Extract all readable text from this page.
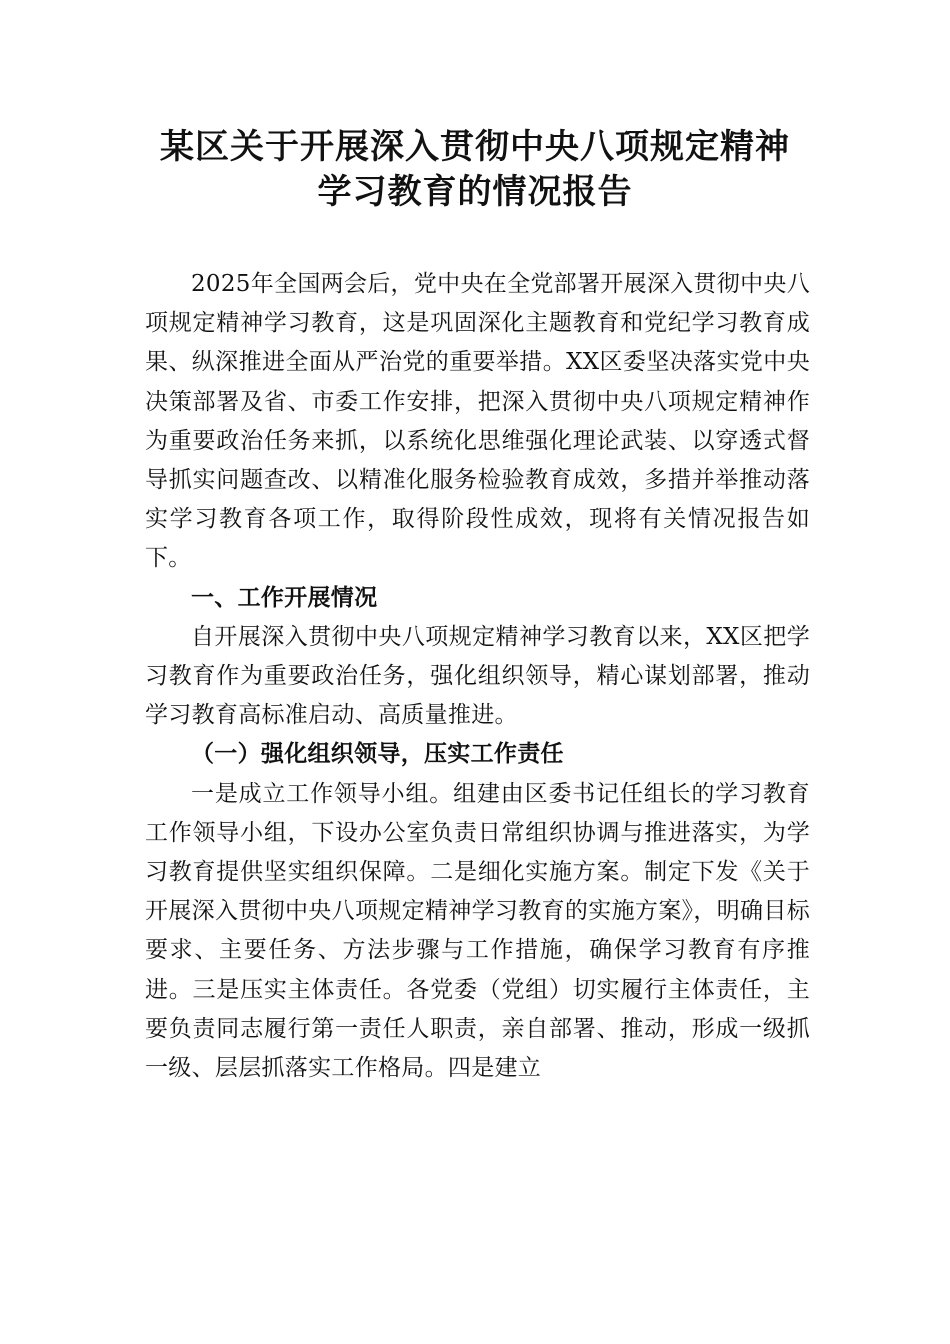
某区关于开展深入贯彻中央八项规定精神
学习教育的情况报告

2025年全国两会后，党中央在全党部署开展深入贯彻中央八项规定精神学习教育，这是巩固深化主题教育和党纪学习教育成果、纵深推进全面从严治党的重要举措。XX区委坚决落实党中央决策部署及省、市委工作安排，把深入贯彻中央八项规定精神作为重要政治任务来抓，以系统化思维强化理论武装、以穿透式督导抓实问题查改、以精准化服务检验教育成效，多措并举推动落实学习教育各项工作，取得阶段性成效，现将有关情况报告如下。

一、工作开展情况

自开展深入贯彻中央八项规定精神学习教育以来，XX区把学习教育作为重要政治任务，强化组织领导，精心谋划部署，推动学习教育高标准启动、高质量推进。

（一）强化组织领导，压实工作责任

一是成立工作领导小组。组建由区委书记任组长的学习教育工作领导小组，下设办公室负责日常组织协调与推进落实，为学习教育提供坚实组织保障。二是细化实施方案。制定下发《关于开展深入贯彻中央八项规定精神学习教育的实施方案》，明确目标要求、主要任务、方法步骤与工作措施，确保学习教育有序推进。三是压实主体责任。各党委（党组）切实履行主体责任，主要负责同志履行第一责任人职责，亲自部署、推动，形成一级抓一级、层层抓落实工作格局。四是建立
